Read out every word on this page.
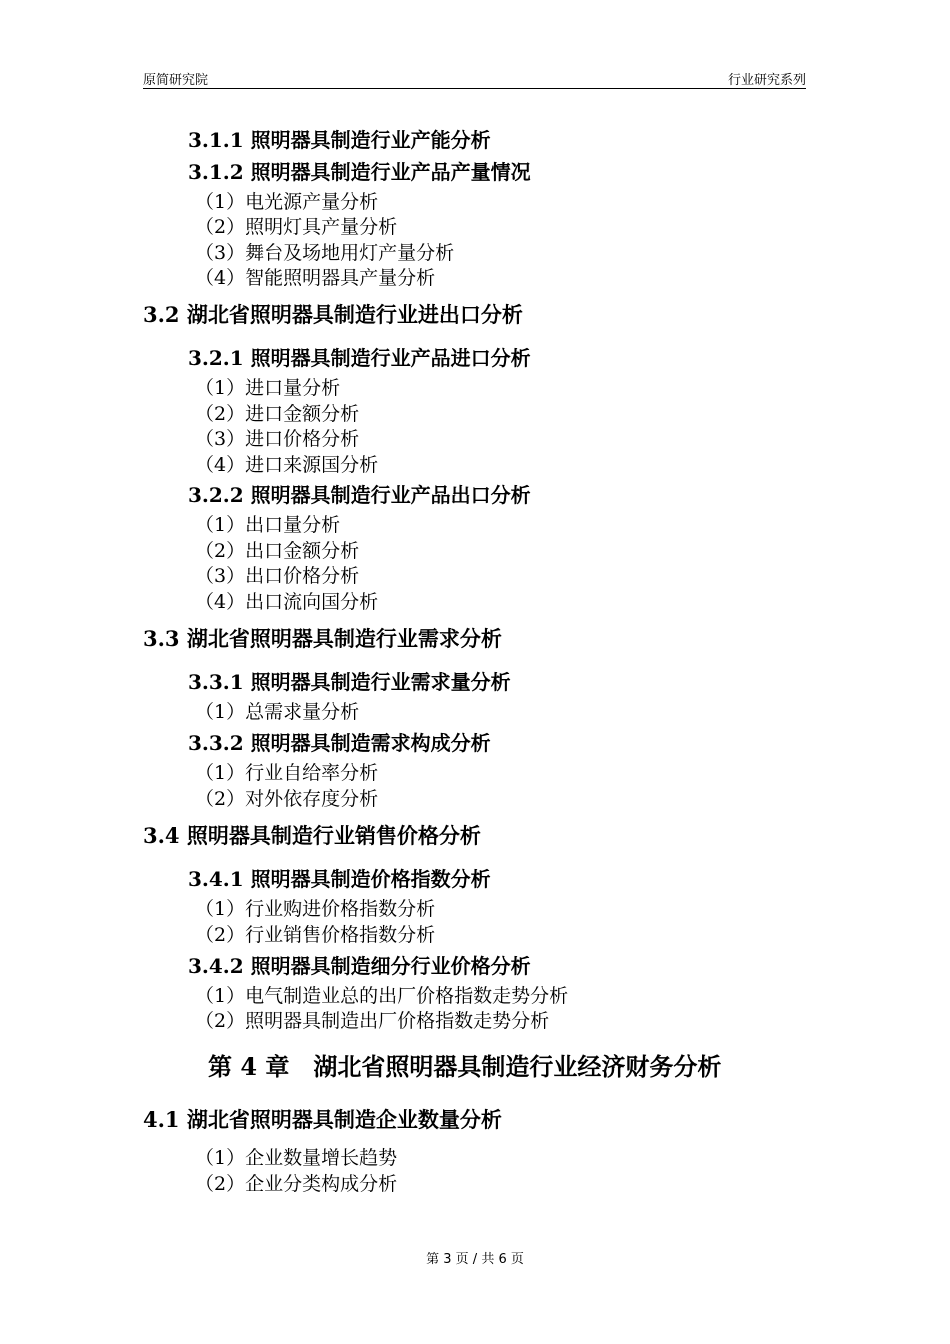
原简研究院	行业研究系列
3.1.1 照明器具制造行业产能分析
3.1.2 照明器具制造行业产品产量情况
（1）电光源产量分析
（2）照明灯具产量分析
（3）舞台及场地用灯产量分析
（4）智能照明器具产量分析
3.2 湖北省照明器具制造行业进出口分析
3.2.1 照明器具制造行业产品进口分析
（1）进口量分析
（2）进口金额分析
（3）进口价格分析
（4）进口来源国分析
3.2.2 照明器具制造行业产品出口分析
（1）出口量分析
（2）出口金额分析
（3）出口价格分析
（4）出口流向国分析
3.3 湖北省照明器具制造行业需求分析
3.3.1 照明器具制造行业需求量分析
（1）总需求量分析
3.3.2 照明器具制造需求构成分析
（1）行业自给率分析
（2）对外依存度分析
3.4 照明器具制造行业销售价格分析
3.4.1 照明器具制造价格指数分析
（1）行业购进价格指数分析
（2）行业销售价格指数分析
3.4.2 照明器具制造细分行业价格分析
（1）电气制造业总的出厂价格指数走势分析
（2）照明器具制造出厂价格指数走势分析
第 4 章　湖北省照明器具制造行业经济财务分析
4.1 湖北省照明器具制造企业数量分析
（1）企业数量增长趋势
（2）企业分类构成分析
第 3 页 / 共 6 页
